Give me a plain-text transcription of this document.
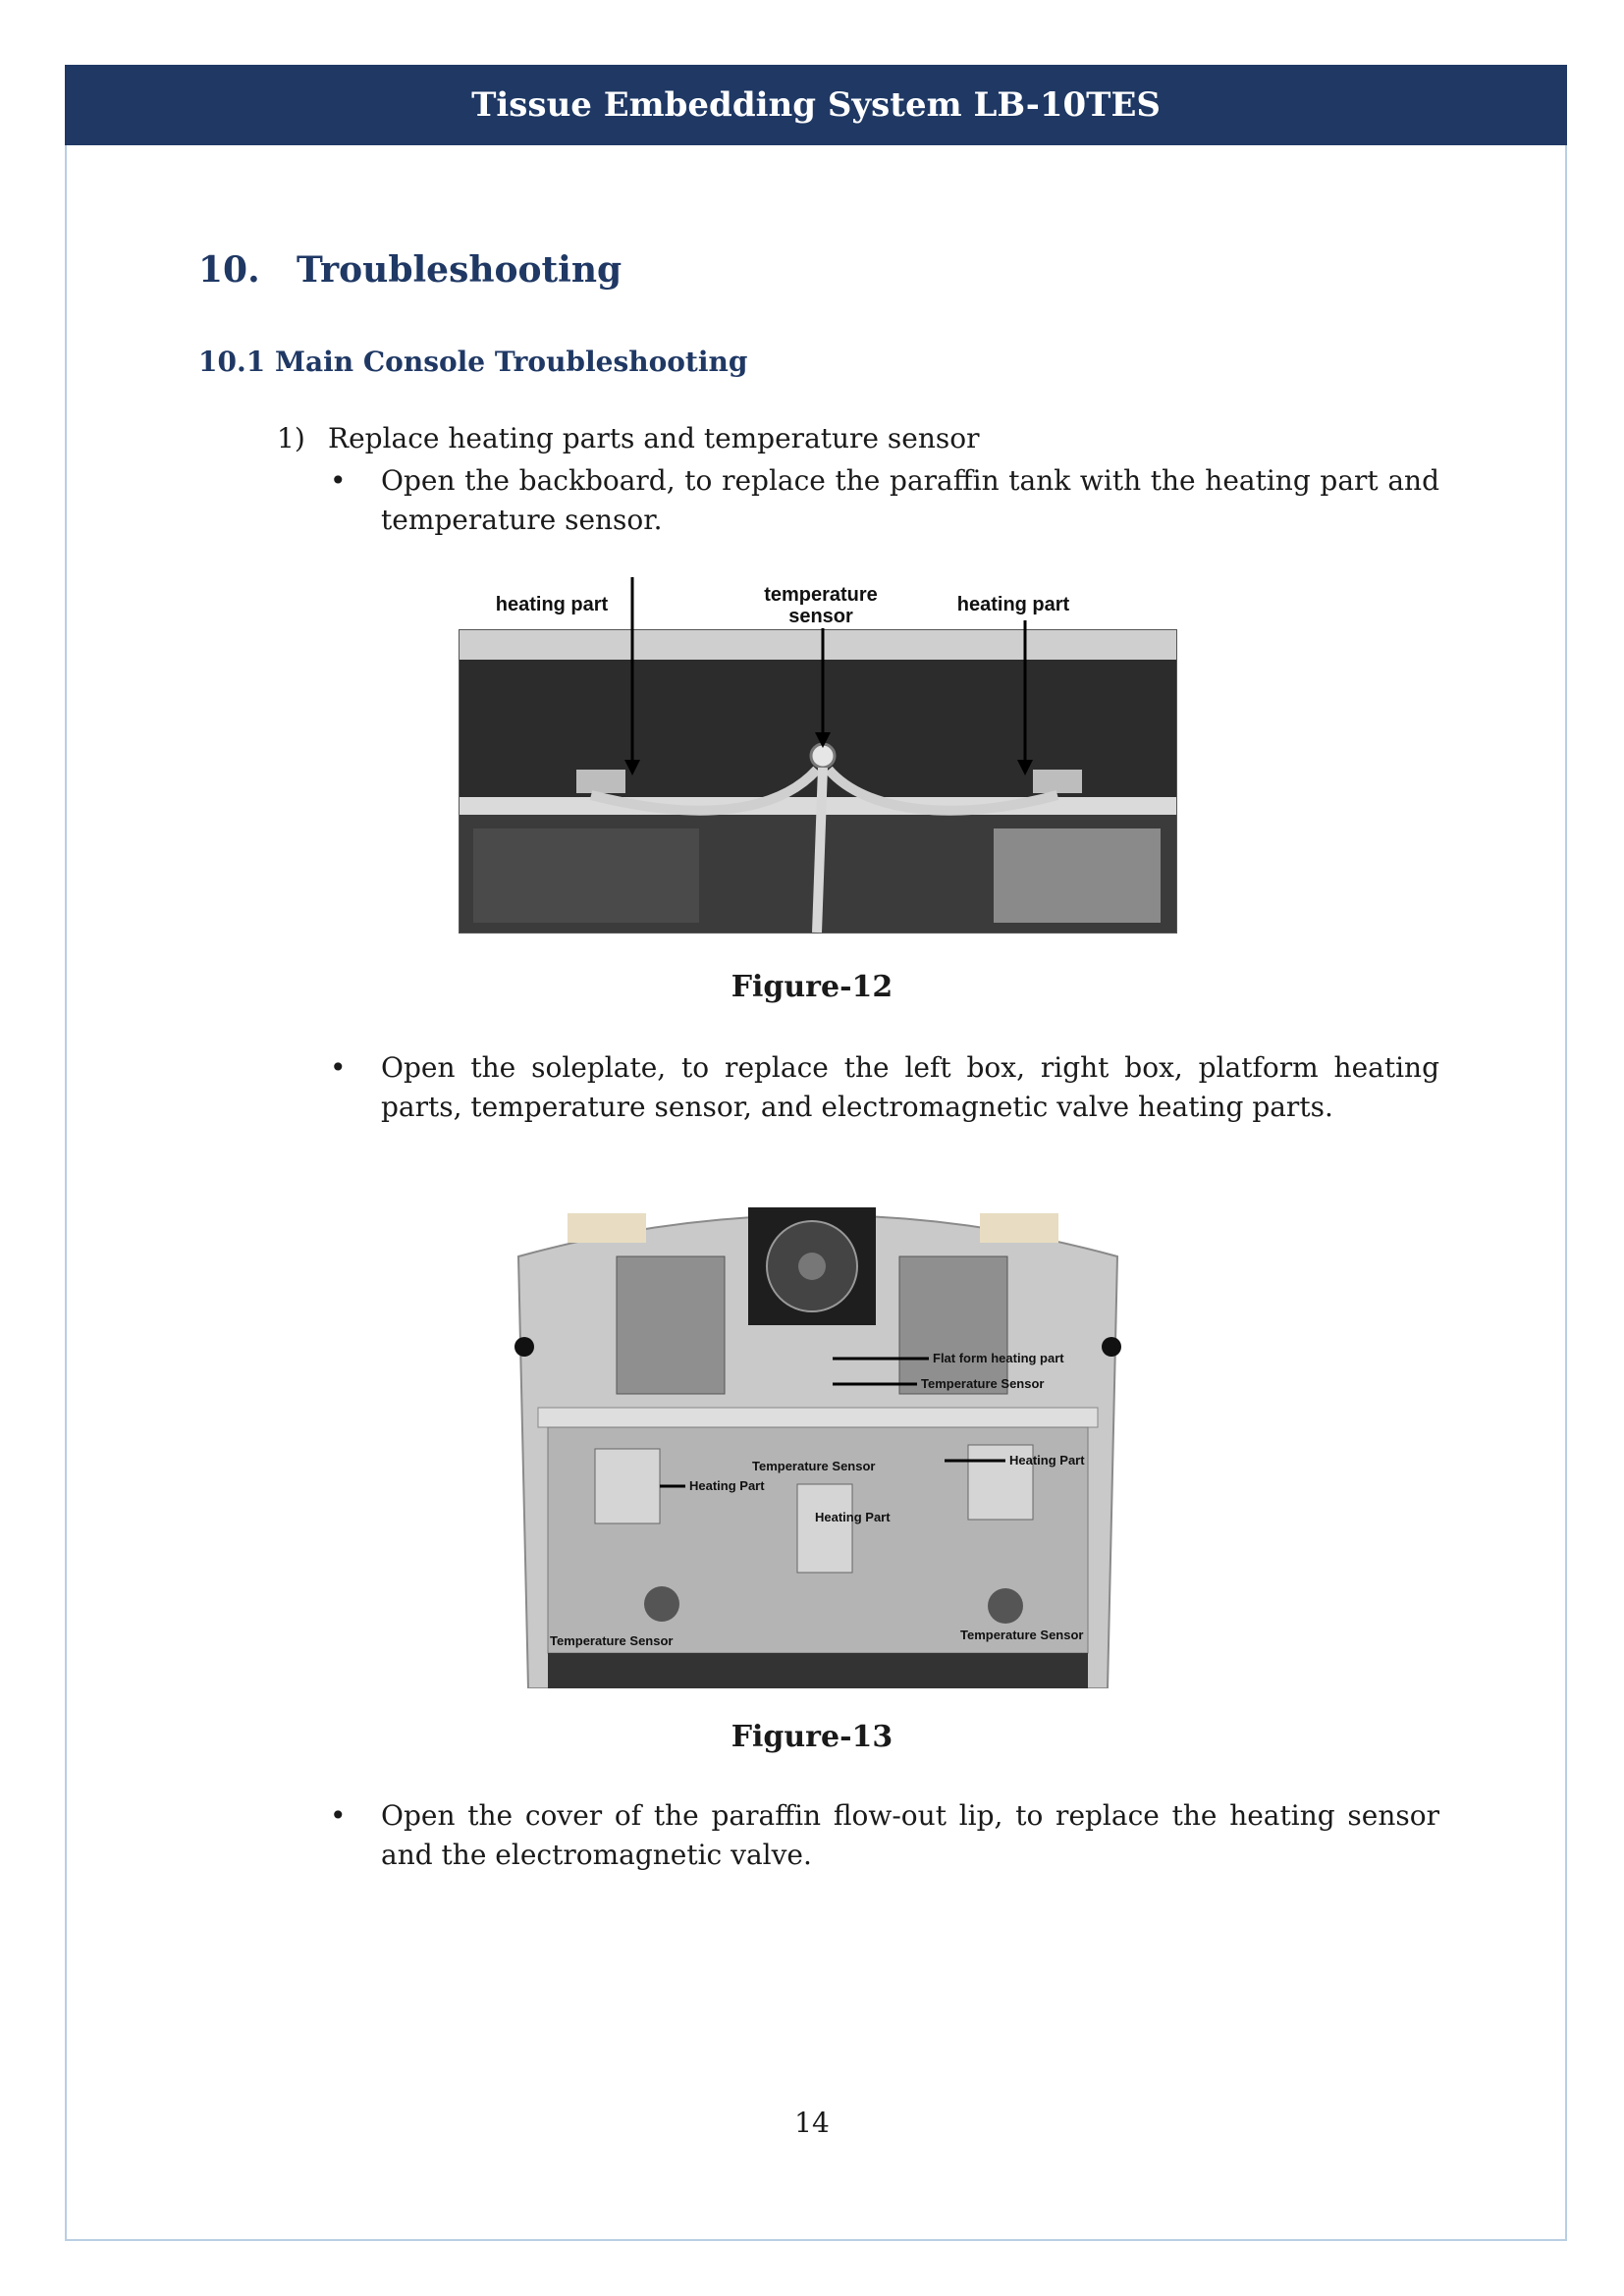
Tissue Embedding System LB-10TES
10. Troubleshooting
10.1 Main Console Troubleshooting
1) Replace heating parts and temperature sensor
• Open the backboard, to replace the paraffin tank with the heating part and temperature sensor.
heating part	temperature
sensor
heating part
Figure-12
• Open the soleplate, to replace the left box, right box, platform heating parts, temperature sensor, and electromagnetic valve heating parts.
Flat form heating part
Temperature Sensor
Temperature Sensor
Heating Part
Heating Part
Heating Part
Temperature Sensor	Temperature Sensor
Figure-13
• Open the cover of the paraffin flow-out lip, to replace the heating sensor and the electromagnetic valve.
14
